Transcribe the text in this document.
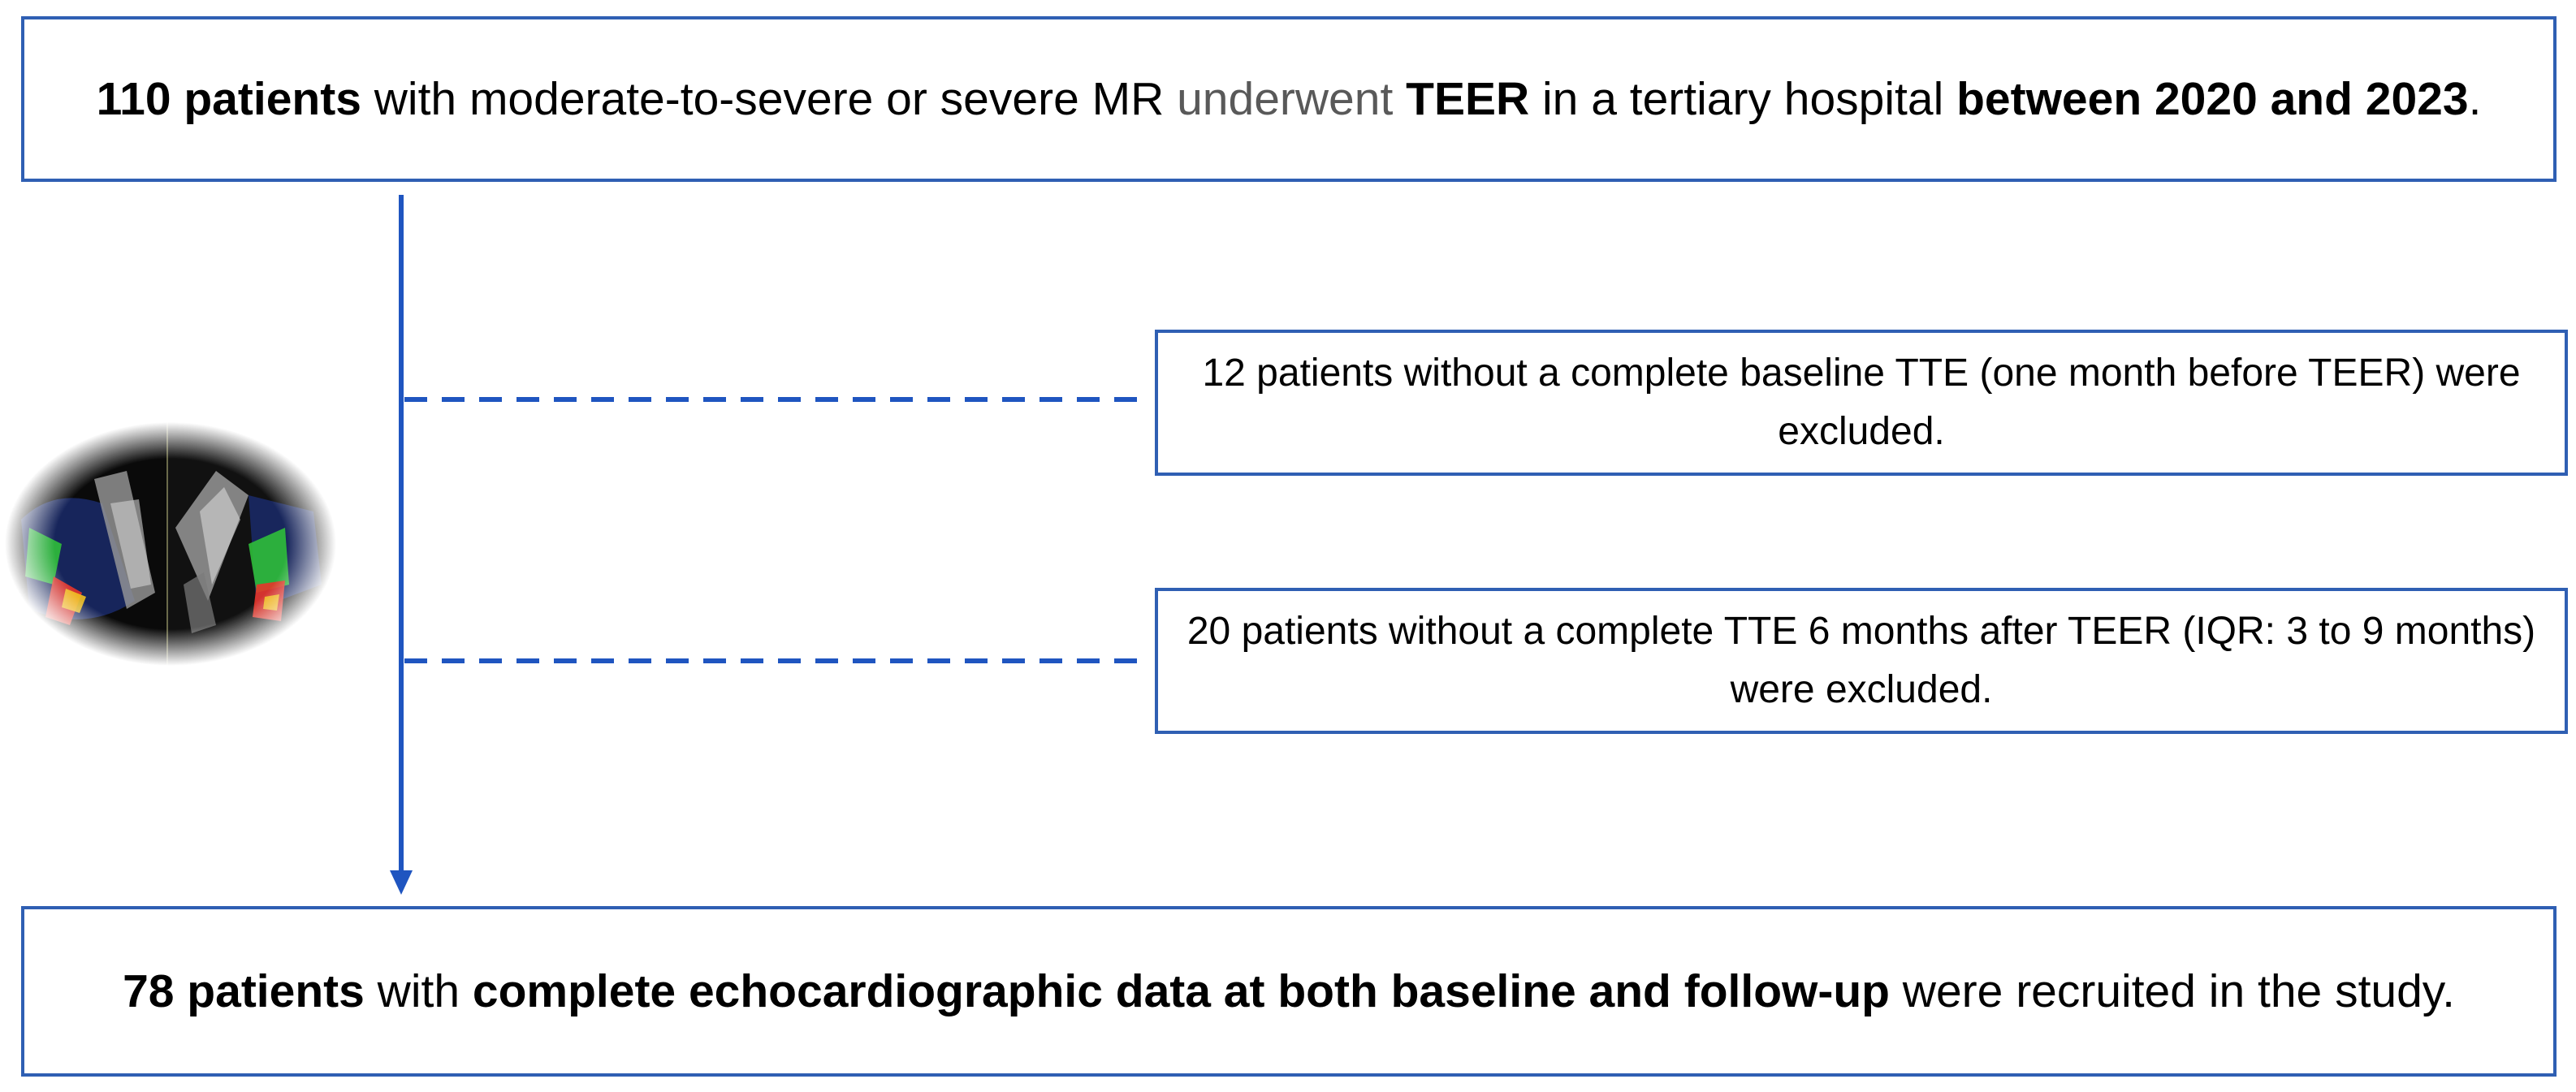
110 patients with moderate-to-severe or severe MR underwent TEER in a tertiary hospital between 2020 and 2023.
12 patients without a complete baseline TTE (one month before TEER) were excluded.
20 patients without a complete TTE 6 months after TEER (IQR: 3 to 9 months) were excluded.
78 patients with complete echocardiographic data at both baseline and follow-up were recruited in the study.
